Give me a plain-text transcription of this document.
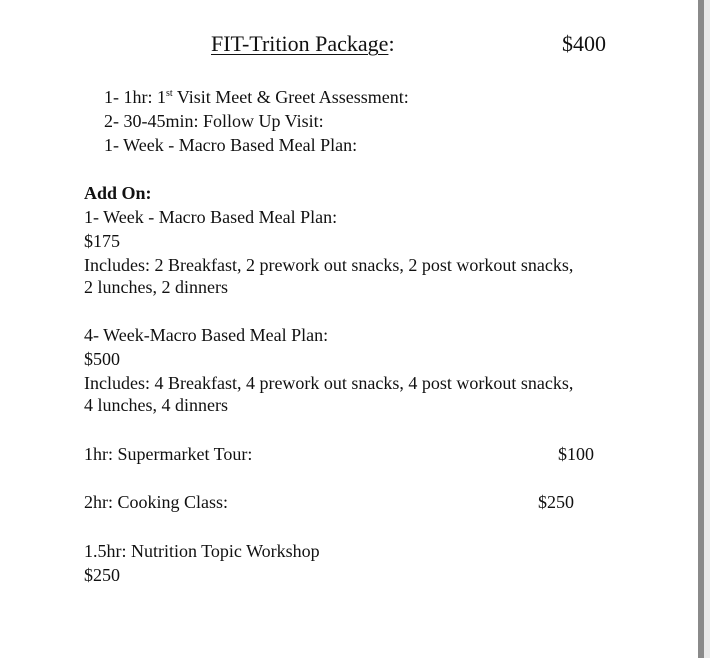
FIT-Trition Package:	$400
1- 1hr: 1st Visit Meet & Greet Assessment:
2- 30-45min: Follow Up Visit:
1- Week - Macro Based Meal Plan:
Add On:
1- Week - Macro Based Meal Plan:
$175
Includes: 2 Breakfast, 2 prework out snacks, 2 post workout snacks,
2 lunches, 2 dinners
4- Week-Macro Based Meal Plan:
$500
Includes: 4 Breakfast, 4 prework out snacks, 4 post workout snacks,
4 lunches, 4 dinners
1hr: Supermarket Tour:	$100
2hr: Cooking Class:	$250
1.5hr: Nutrition Topic Workshop
$250
